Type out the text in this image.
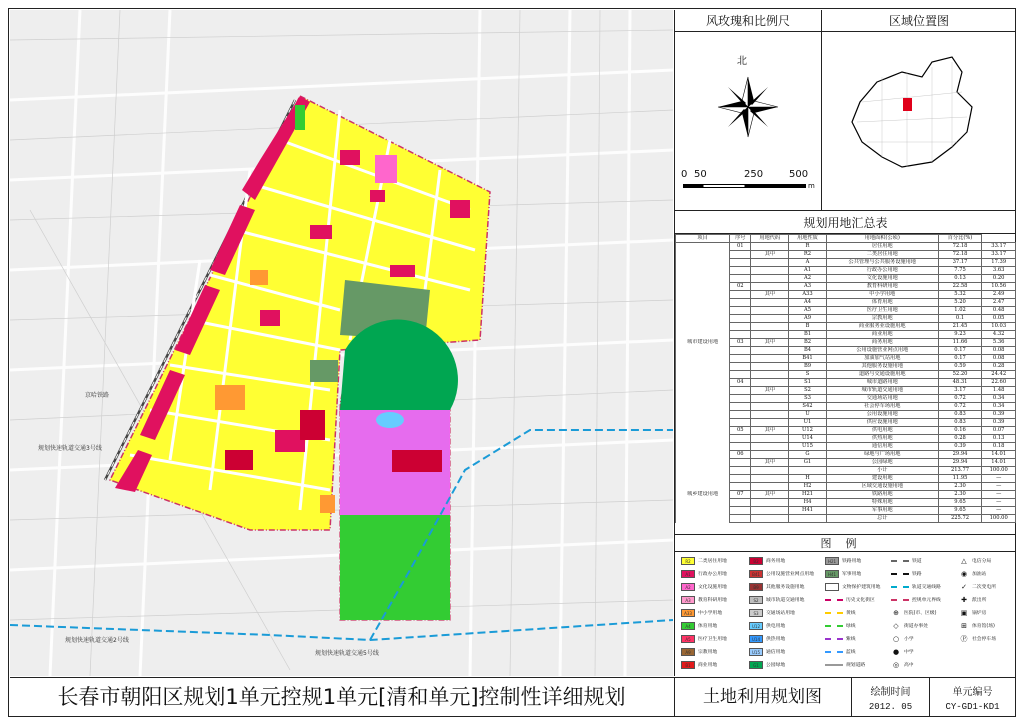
京哈铁路
规划快速轨道交通3号线
规划快速轨道交通2号线
规划快速轨道交通5号线
风玫瑰和比例尺	区域位置图
北
0 50	250	500
m
规划用地汇总表
项目	序号	用地代码	用地性质	用地面积(公顷)	百分比(%)	
	01		R	居住用地	72.18	33.17
		其中	R2	二类居住用地	72.18	33.17
			A	公共管理与公共服务设施用地	37.17	17.39
			A1	行政办公用地	7.75	3.63
			A2	文化设施用地	0.13	0.20
	02		A3	教育科研用地	22.58	10.56
		其中	A33	中小学用地	5.32	2.49
			A4	体育用地	5.20	2.47
			A5	医疗卫生用地	1.02	0.48
			A9	宗教用地	0.1	0.05
			B	商业服务业设施用地	21.45	10.03
			B1	商业用地	9.23	4.32
城市建设用地	03	其中	B2	商务用地	11.66	5.36
			B4	公用设施营业网点用地	0.17	0.08
			B41	加油加气站用地	0.17	0.08
			B9	其他服务设施用地	0.59	0.28
			S	道路与交通设施用地	52.20	24.42
	04		S1	城市道路用地	48.31	22.60
		其中	S2	城市轨道交通用地	3.17	1.48
			S3	交通场站用地	0.72	0.34
			S42	社会停车场用地	0.72	0.34
			U	公用设施用地	0.83	0.39
			U1	供应设施用地	0.83	0.39
	05	其中	U12	供电用地	0.16	0.07
			U14	供热用地	0.28	0.13
			U15	通信用地	0.39	0.18
	06		G	绿地与广场用地	29.94	14.01
		其中	G1	公园绿地	29.94	14.01
				小计	213.77	100.00
			H	建设用地	11.95	—
			H2	区域交通设施用地	2.30	—
城乡建设用地	07	其中	H21	铁路用地	2.30	—
			H4	特殊用地	9.65	—
			H41	军事用地	9.65	—
				总计	225.72	100.00
图例
R2	二类居住用地
A1	行政办公用地
A2	文化设施用地
A3	教育科研用地
A33	中小学用地
A4	体育用地
A5	医疗卫生用地
A9	宗教用地
B1	商业用地
B2	商务用地
B41	公用设施营业网点用地
B9	其他服务设施用地
S2	城市轨道交通用地
S3	交通场站用地
U12	供电用地
U14	供热用地
U15	通信用地
G1	公园绿地
H21	铁路用地
H41	军事用地
文物保护建筑用地
历史文化街区
黄线
绿线
紫线
蓝线
规划道路
铁道
铁路
轨道交通线路
控规单元界线
⊕	医院(市、区级)
◇	街道办事处
○	小学
●	中学
◎	高中
△	电信分局
◉	加油站
✓	二次变电所
✚	派出所
▣ 锅炉房
⊞	体育馆(场)
Ⓟ 社会停车场
长春市朝阳区规划1单元控规1单元[清和单元]控制性详细规划	土地利用规划图	绘制时间
2012. 05
单元编号
CY-GD1-KD1
